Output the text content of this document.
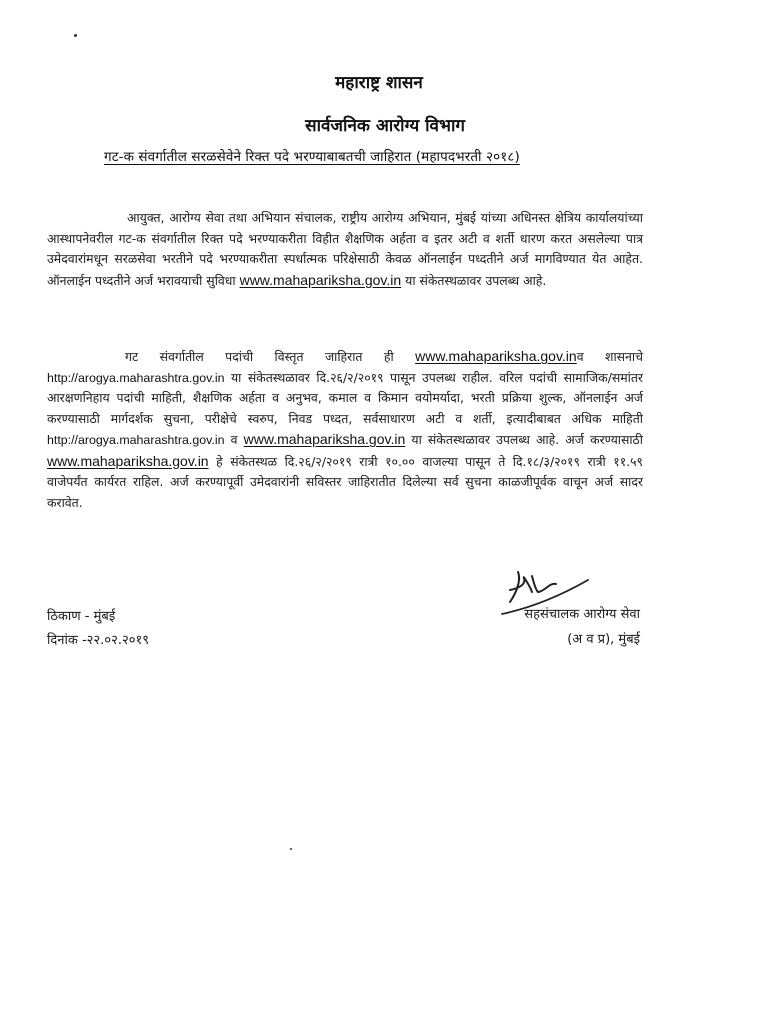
महाराष्ट्र शासन
सार्वजनिक आरोग्य विभाग
गट-क संवर्गातील सरळसेवेने रिक्त पदे भरण्याबाबतची जाहिरात (महापदभरती २०१८)
आयुक्त, आरोग्य सेवा तथा अभियान संचालक, राष्ट्रीय आरोग्य अभियान, मुंबई यांच्या अधिनस्त क्षेत्रिय कार्यालयांच्या आस्थापनेवरील गट-क संवर्गातील रिक्त पदे भरण्याकरीता विहीत शैक्षणिक अर्हता व इतर अटी व शर्ती धारण करत असलेल्या पात्र उमेदवारांमधून सरळसेवा भरतीने पदे भरण्याकरीता स्पर्धात्मक परिक्षेसाठी केवळ ऑनलाईन पध्दतीने अर्ज मागविण्यात येत आहेत. ऑनलाईन पध्दतीने अर्ज भरावयाची सुविधा www.mahapariksha.gov.in या संकेतस्थळावर उपलब्ध आहे.
गट संवर्गातील पदांची विस्तृत जाहिरात ही www.mahapariksha.gov.inव शासनाचे http://arogya.maharashtra.gov.in या संकेतस्थळावर दि.२६/२/२०१९ पासून उपलब्ध राहील. वरिल पदांची सामाजिक/समांतर आरक्षणनिहाय पदांची माहिती, शैक्षणिक अर्हता व अनुभव, कमाल व किमान वयोमर्यादा, भरती प्रक्रिया शुल्क, ऑनलाईन अर्ज करण्यासाठी मार्गदर्शक सुचना, परीक्षेचे स्वरुप, निवड पध्दत, सर्वसाधारण अटी व शर्ती, इत्यादीबाबत अधिक माहिती http://arogya.maharashtra.gov.in व www.mahapariksha.gov.in या संकेतस्थळावर उपलब्ध आहे. अर्ज करण्यासाठी www.mahapariksha.gov.in हे संकेतस्थळ दि.२६/२/२०१९ रात्री १०.०० वाजल्या पासून ते दि.१८/३/२०१९ रात्री ११.५९ वाजेपर्यंत कार्यरत राहिल. अर्ज करण्यापूर्वी उमेदवारांनी सविस्तर जाहिरातीत दिलेल्या सर्व सुचना काळजीपूर्वक वाचून अर्ज सादर करावेत.
ठिकाण - मुंबई
दिनांक -२२.०२.२०१९
सहसंचालक आरोग्य सेवा
(अ व प्र), मुंबई
